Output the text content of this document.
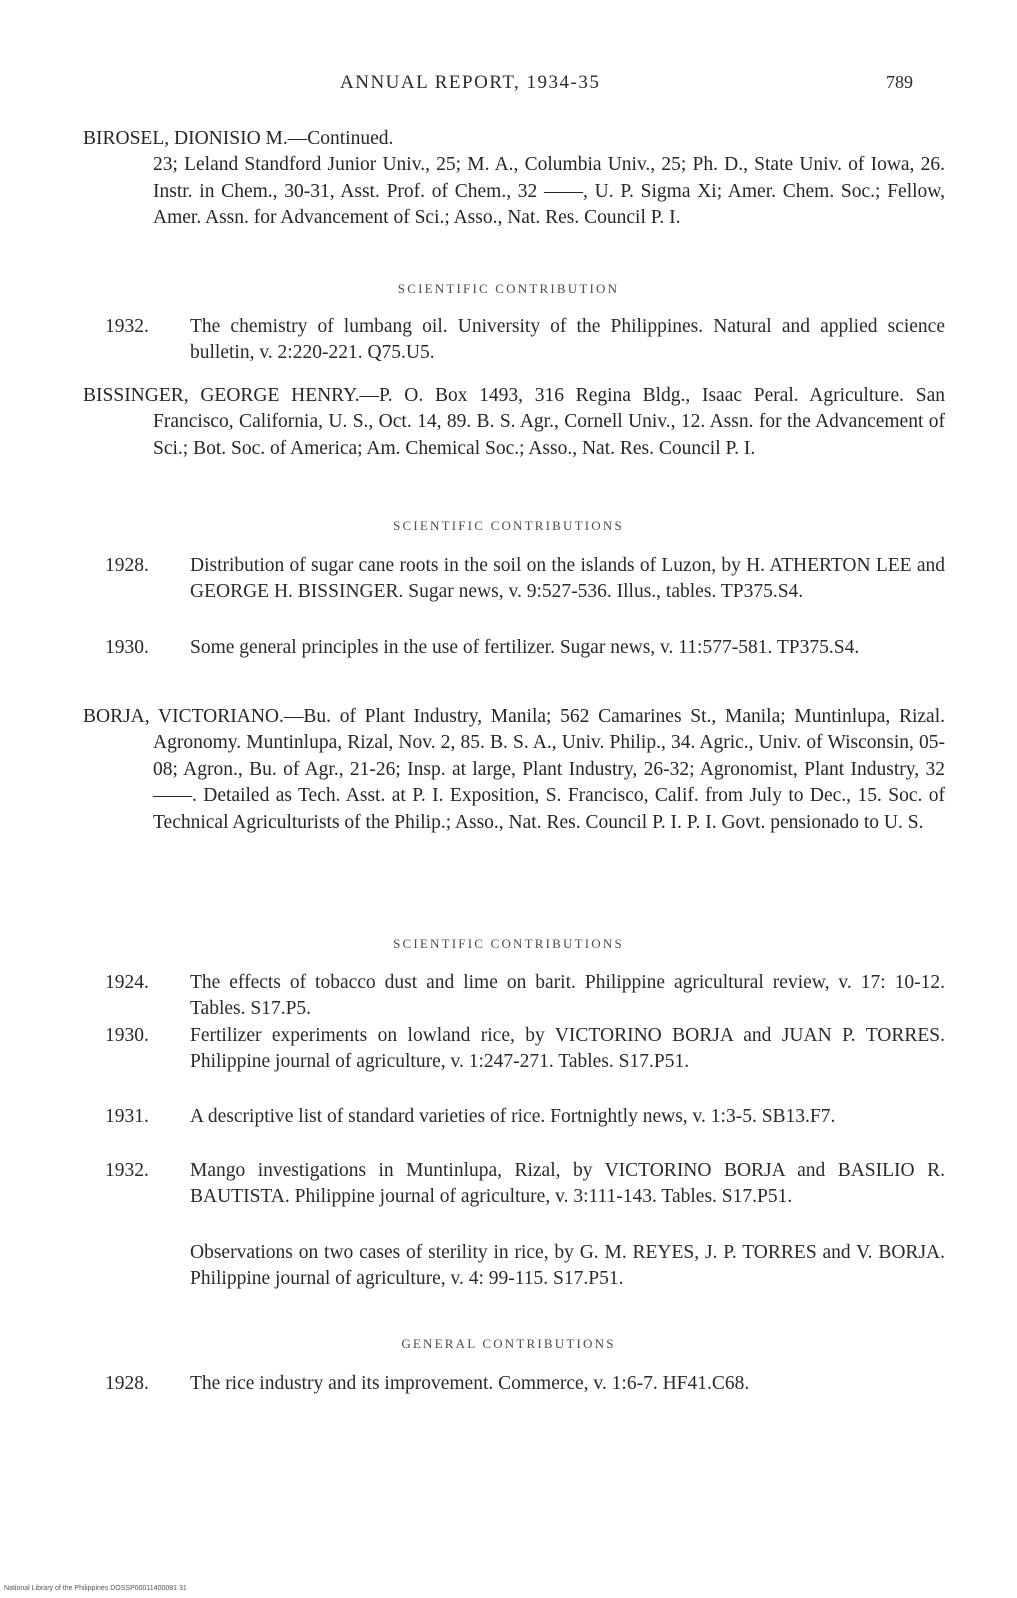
ANNUAL REPORT, 1934-35	789

BIROSEL, DIONISIO M.—Continued.

23; Leland Standford Junior Univ., 25; M. A., Columbia Univ., 25; Ph. D., State Univ. of Iowa, 26. Instr. in Chem., 30-31, Asst. Prof. of Chem., 32 ——, U. P. Sigma Xi; Amer. Chem. Soc.; Fellow, Amer. Assn. for Advancement of Sci.; Asso., Nat. Res. Council P. I.

SCIENTIFIC CONTRIBUTION
1932.	The chemistry of lumbang oil. University of the Philippines. Natural and applied science bulletin, v. 2:220-221. Q75.U5.

BISSINGER, GEORGE HENRY.—P. O. Box 1493, 316 Regina Bldg., Isaac Peral. Agriculture. San Francisco, California, U. S., Oct. 14, 89. B. S. Agr., Cornell Univ., 12. Assn. for the Advancement of Sci.; Bot. Soc. of America; Am. Chemical Soc.; Asso., Nat. Res. Council P. I.

SCIENTIFIC CONTRIBUTIONS
1928.	Distribution of sugar cane roots in the soil on the islands of Luzon, by H. ATHERTON LEE and GEORGE H. BISSINGER. Sugar news, v. 9:527-536. Illus., tables. TP375.S4.
1930.	Some general principles in the use of fertilizer. Sugar news, v. 11:577-581. TP375.S4.

BORJA, VICTORIANO.—Bu. of Plant Industry, Manila; 562 Camarines St., Manila; Muntinlupa, Rizal. Agronomy. Muntinlupa, Rizal, Nov. 2, 85. B. S. A., Univ. Philip., 34. Agric., Univ. of Wisconsin, 05-08; Agron., Bu. of Agr., 21-26; Insp. at large, Plant Industry, 26-32; Agronomist, Plant Industry, 32 ——. Detailed as Tech. Asst. at P. I. Exposition, S. Francisco, Calif. from July to Dec., 15. Soc. of Technical Agriculturists of the Philip.; Asso., Nat. Res. Council P. I. P. I. Govt. pensionado to U. S.

SCIENTIFIC CONTRIBUTIONS
1924.	The effects of tobacco dust and lime on barit. Philippine agricultural review, v. 17: 10-12. Tables. S17.P5.
1930.	Fertilizer experiments on lowland rice, by VICTORINO BORJA and JUAN P. TORRES. Philippine journal of agriculture, v. 1:247-271. Tables. S17.P51.
1931.	A descriptive list of standard varieties of rice. Fortnightly news, v. 1:3-5. SB13.F7.
1932.	Mango investigations in Muntinlupa, Rizal, by VICTORINO BORJA and BASILIO R. BAUTISTA. Philippine journal of agriculture, v. 3:111-143. Tables. S17.P51.
Observations on two cases of sterility in rice, by G. M. REYES, J. P. TORRES and V. BORJA. Philippine journal of agriculture, v. 4: 99-115. S17.P51.
GENERAL CONTRIBUTIONS
1928.	The rice industry and its improvement. Commerce, v. 1:6-7. HF41.C68.
National Library of the Philippines DOSSP00011400081 31
